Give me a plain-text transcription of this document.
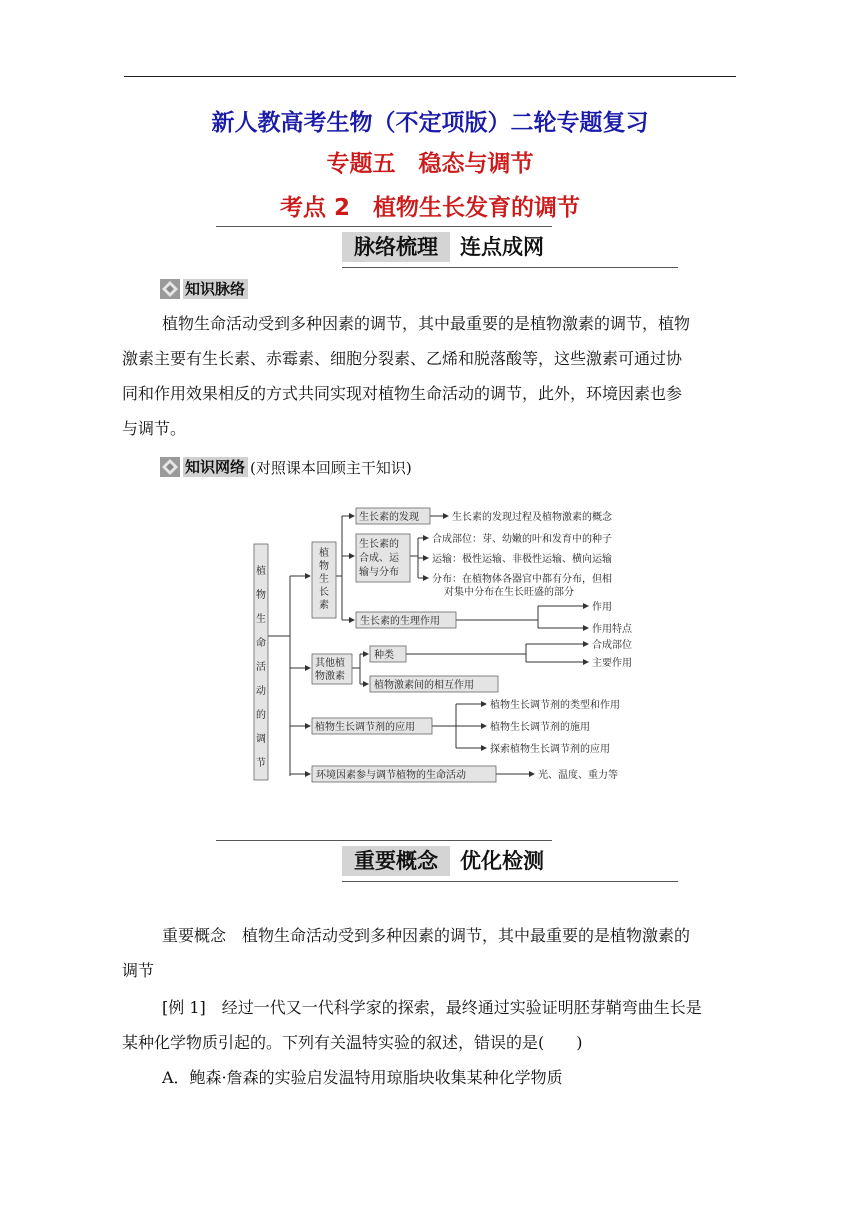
新人教高考生物（不定项版）二轮专题复习
专题五　稳态与调节
考点 2　植物生长发育的调节
脉络梳理	连点成网
知识脉络
植物生命活动受到多种因素的调节，其中最重要的是植物激素的调节，植物
激素主要有生长素、赤霉素、细胞分裂素、乙烯和脱落酸等，这些激素可通过协
同和作用效果相反的方式共同实现对植物生命活动的调节，此外，环境因素也参
与调节。
知识网络 (对照课本回顾主干知识)
植
物
生
命
活
动
的
调
节
植
物
生
长
素
生长素的发现	生长素的发现过程及植物激素的概念
生长素的
合成、运
输与分布
合成部位：芽、幼嫩的叶和发育中的种子
运输：极性运输、非极性运输、横向运输
分布：在植物体各器官中都有分布，但相
对集中分布在生长旺盛的部分
生长素的生理作用
作用
作用特点
其他植
物激素
种类
合成部位
主要作用
植物激素间的相互作用
植物生长调节剂的应用
植物生长调节剂的类型和作用
植物生长调节剂的施用
探索植物生长调节剂的应用
环境因素参与调节植物的生命活动	光、温度、重力等
重要概念	优化检测
重要概念　植物生命活动受到多种因素的调节，其中最重要的是植物激素的
调节
[例 1]　经过一代又一代科学家的探索，最终通过实验证明胚芽鞘弯曲生长是
某种化学物质引起的。下列有关温特实验的叙述，错误的是(　　)
A．鲍森·詹森的实验启发温特用琼脂块收集某种化学物质
